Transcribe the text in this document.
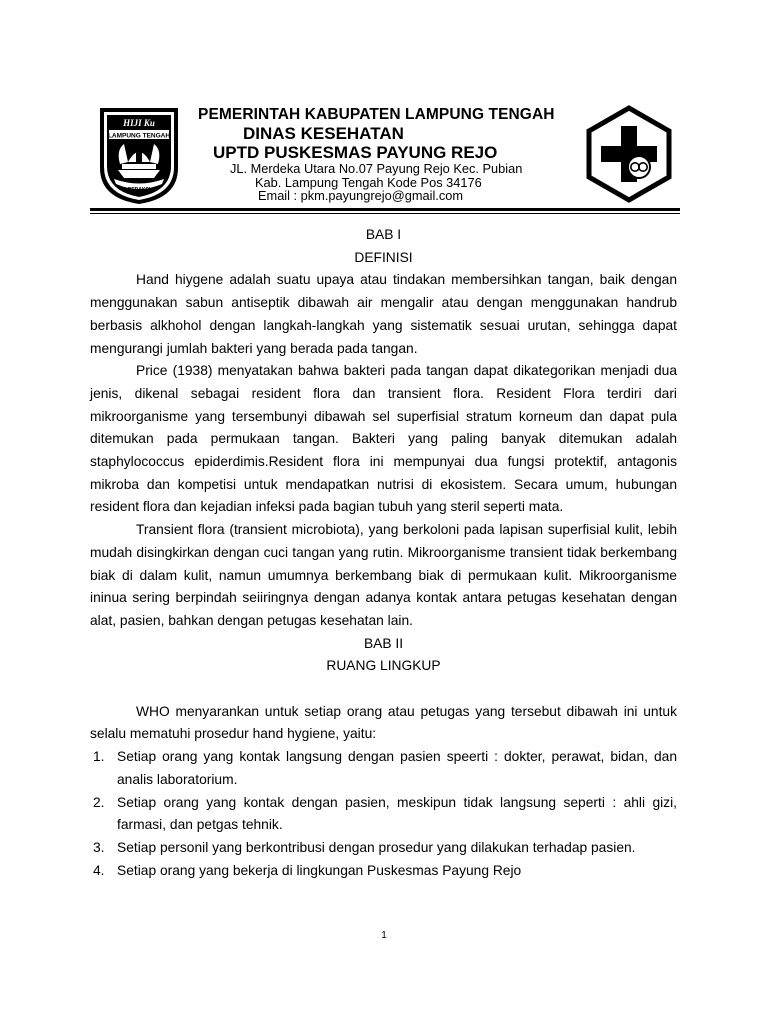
HIJI Ku
LAMPUNG TENGAH
BERAKSI
PEMERINTAH KABUPATEN LAMPUNG TENGAH
DINAS KESEHATAN
UPTD PUSKESMAS PAYUNG REJO
JL. Merdeka Utara No.07 Payung Rejo Kec. Pubian
Kab. Lampung Tengah Kode Pos 34176
Email : pkm.payungrejo@gmail.com
BAB I
DEFINISI

Hand hiygene adalah suatu upaya atau tindakan membersihkan tangan, baik dengan menggunakan sabun antiseptik dibawah air mengalir atau dengan menggunakan handrub berbasis alkhohol dengan langkah-langkah yang sistematik sesuai urutan, sehingga dapat mengurangi jumlah bakteri yang berada pada tangan.

Price (1938) menyatakan bahwa bakteri pada tangan dapat dikategorikan menjadi dua jenis, dikenal sebagai resident flora dan transient flora. Resident Flora terdiri dari mikroorganisme yang tersembunyi dibawah sel superfisial stratum korneum dan dapat pula ditemukan pada permukaan tangan. Bakteri yang paling banyak ditemukan adalah staphylococcus epiderdimis.Resident flora ini mempunyai dua fungsi protektif, antagonis mikroba dan kompetisi untuk mendapatkan nutrisi di ekosistem. Secara umum, hubungan resident flora dan kejadian infeksi pada bagian tubuh yang steril seperti mata.

Transient flora (transient microbiota), yang berkoloni pada lapisan superfisial kulit, lebih mudah disingkirkan dengan cuci tangan yang rutin. Mikroorganisme transient tidak berkembang biak di dalam kulit, namun umumnya berkembang biak di permukaan kulit. Mikroorganisme ininua sering berpindah seiiringnya dengan adanya kontak antara petugas kesehatan dengan alat, pasien, bahkan dengan petugas kesehatan lain.

BAB II
RUANG LINGKUP

WHO menyarankan untuk setiap orang atau petugas yang tersebut dibawah ini untuk selalu mematuhi prosedur hand hygiene, yaitu:

1. Setiap orang yang kontak langsung dengan pasien speerti : dokter, perawat, bidan, dan analis laboratorium.
2. Setiap orang yang kontak dengan pasien, meskipun tidak langsung seperti : ahli gizi, farmasi, dan petgas tehnik.
3. Setiap personil yang berkontribusi dengan prosedur yang dilakukan terhadap pasien.
4. Setiap orang yang bekerja di lingkungan Puskesmas Payung Rejo
1
